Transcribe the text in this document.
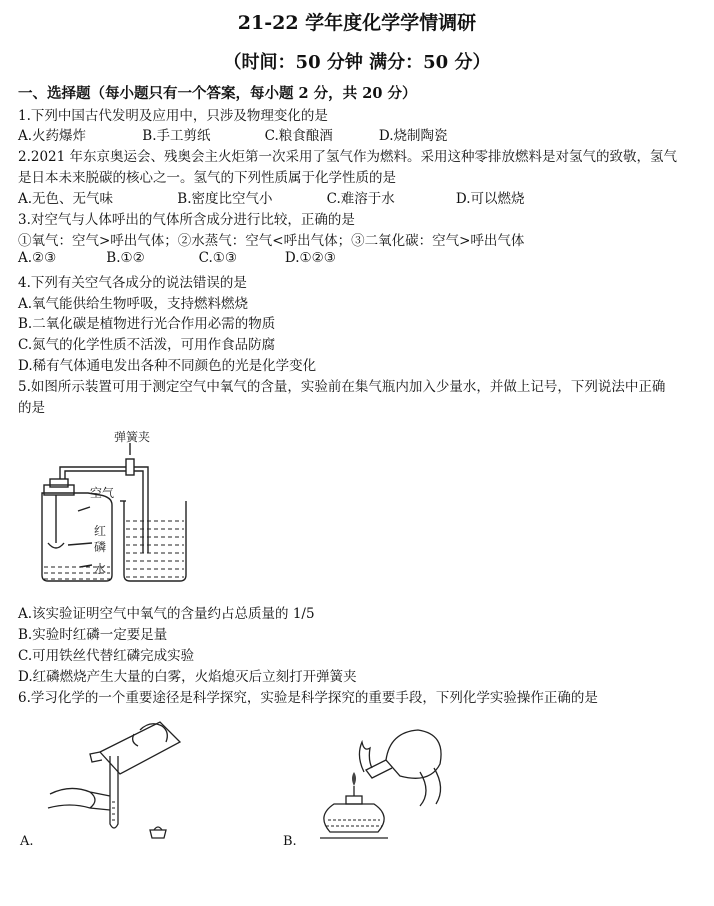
21-22 学年度化学学情调研
（时间：50 分钟 满分：50 分）
一、选择题（每小题只有一个答案，每小题 2 分，共 20 分）
1.下列中国古代发明及应用中，只涉及物理变化的是
A.火药爆炸	B.手工剪纸	C.粮食酿酒	D.烧制陶瓷
2.2021 年东京奥运会、残奥会主火炬第一次采用了氢气作为燃料。采用这种零排放燃料是对氢气的致敬，氢气
是日本未来脱碳的核心之一。氢气的下列性质属于化学性质的是
A.无色、无气味	B.密度比空气小	C.难溶于水	D.可以燃烧
3.对空气与人体呼出的气体所含成分进行比较，正确的是
①氧气：空气>呼出气体；②水蒸气：空气<呼出气体；③二氧化碳：空气>呼出气体
A.②③	B.①②	C.①③	D.①②③
4.下列有关空气各成分的说法错误的是
A.氧气能供给生物呼吸，支持燃料燃烧
B.二氧化碳是植物进行光合作用必需的物质
C.氮气的化学性质不活泼，可用作食品防腐
D.稀有气体通电发出各种不同颜色的光是化学变化
5.如图所示装置可用于测定空气中氧气的含量，实验前在集气瓶内加入少量水，并做上记号，下列说法中正确
的是
弹簧夹
空气
红
磷
水
A.该实验证明空气中氧气的含量约占总质量的 1/5
B.实验时红磷一定要足量
C.可用铁丝代替红磷完成实验
D.红磷燃烧产生大量的白雾，火焰熄灭后立刻打开弹簧夹
6.学习化学的一个重要途径是科学探究，实验是科学探究的重要手段，下列化学实验操作正确的是
A.	B.
